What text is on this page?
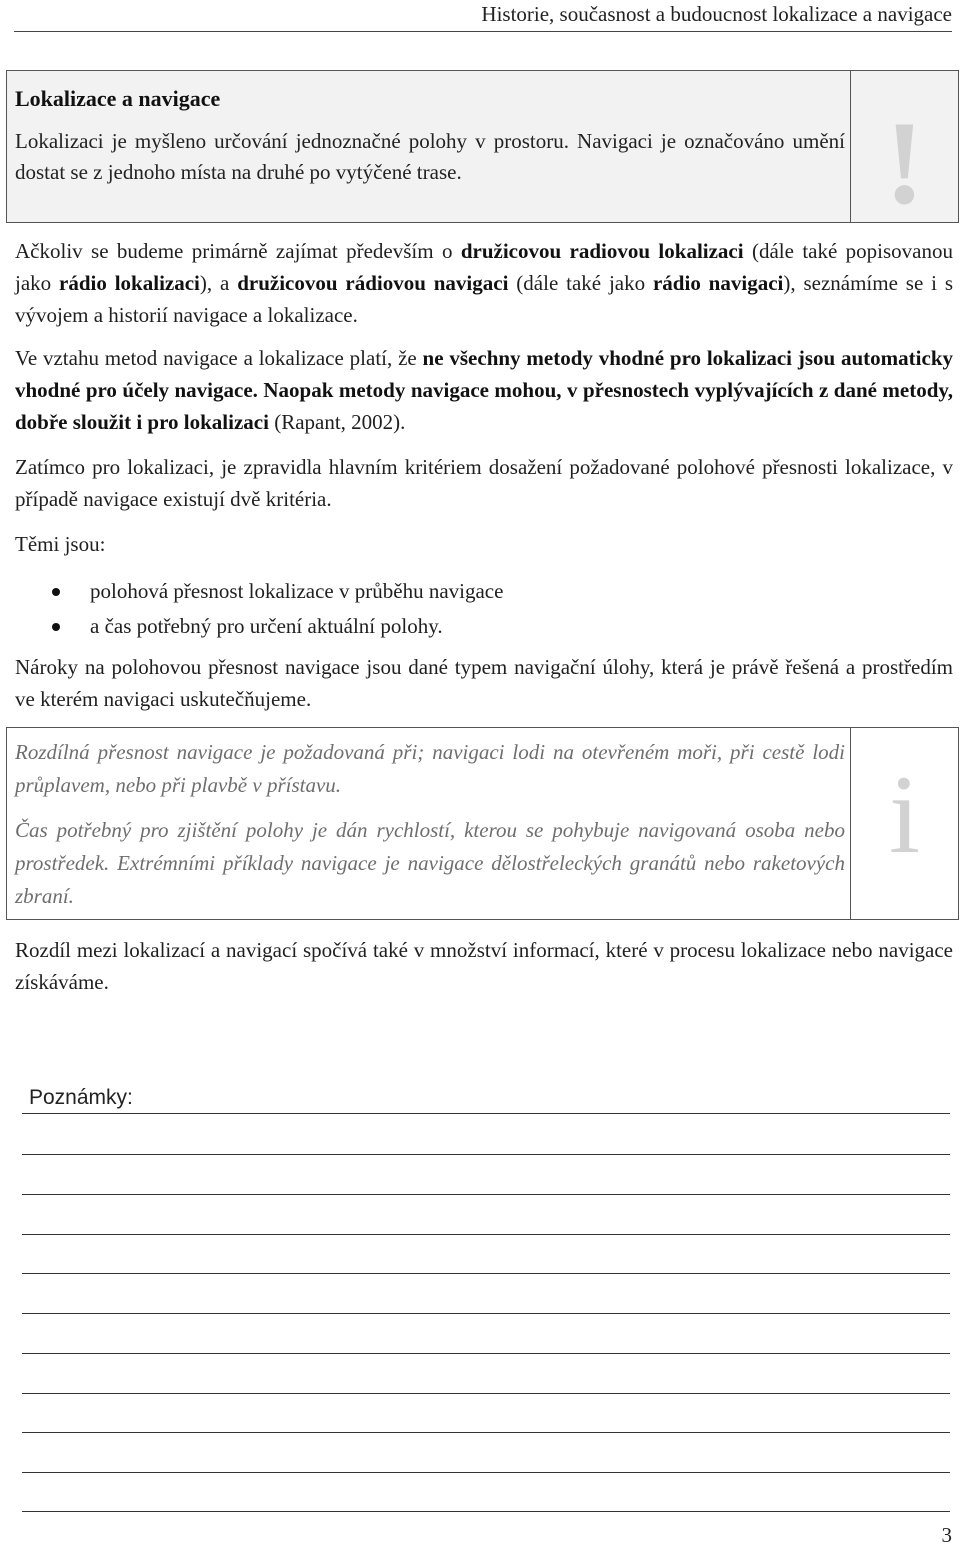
Historie, současnost a budoucnost lokalizace a navigace
Lokalizace a navigace
Lokalizaci je myšleno určování jednoznačné polohy v prostoru. Navigaci je označováno umění dostat se z jednoho místa na druhé po vytýčené trase.	!
Ačkoliv se budeme primárně zajímat především o družicovou radiovou lokalizaci (dále také popisovanou jako rádio lokalizaci), a družicovou rádiovou navigaci (dále také jako rádio navigaci), seznámíme se i s vývojem a historií navigace a lokalizace.
Ve vztahu metod navigace a lokalizace platí, že ne všechny metody vhodné pro lokalizaci jsou automaticky vhodné pro účely navigace. Naopak metody navigace mohou, v přesnostech vyplývajících z dané metody, dobře sloužit i pro lokalizaci (Rapant, 2002).
Zatímco pro lokalizaci, je zpravidla hlavním kritériem dosažení požadované polohové přesnosti lokalizace, v případě navigace existují dvě kritéria.
Těmi jsou:
polohová přesnost lokalizace v průběhu navigace
a čas potřebný pro určení aktuální polohy.
Nároky na polohovou přesnost navigace jsou dané typem navigační úlohy, která je právě řešená a prostředím ve kterém navigaci uskutečňujeme.
Rozdílná přesnost navigace je požadovaná při; navigaci lodi na otevřeném moři, při cestě lodi průplavem, nebo při plavbě v přístavu.
Čas potřebný pro zjištění polohy je dán rychlostí, kterou se pohybuje navigovaná osoba nebo prostředek. Extrémními příklady navigace je navigace dělostřeleckých granátů nebo raketových zbraní.
i
Rozdíl mezi lokalizací a navigací spočívá také v množství informací, které v procesu lokalizace nebo navigace získáváme.
Poznámky:
3
